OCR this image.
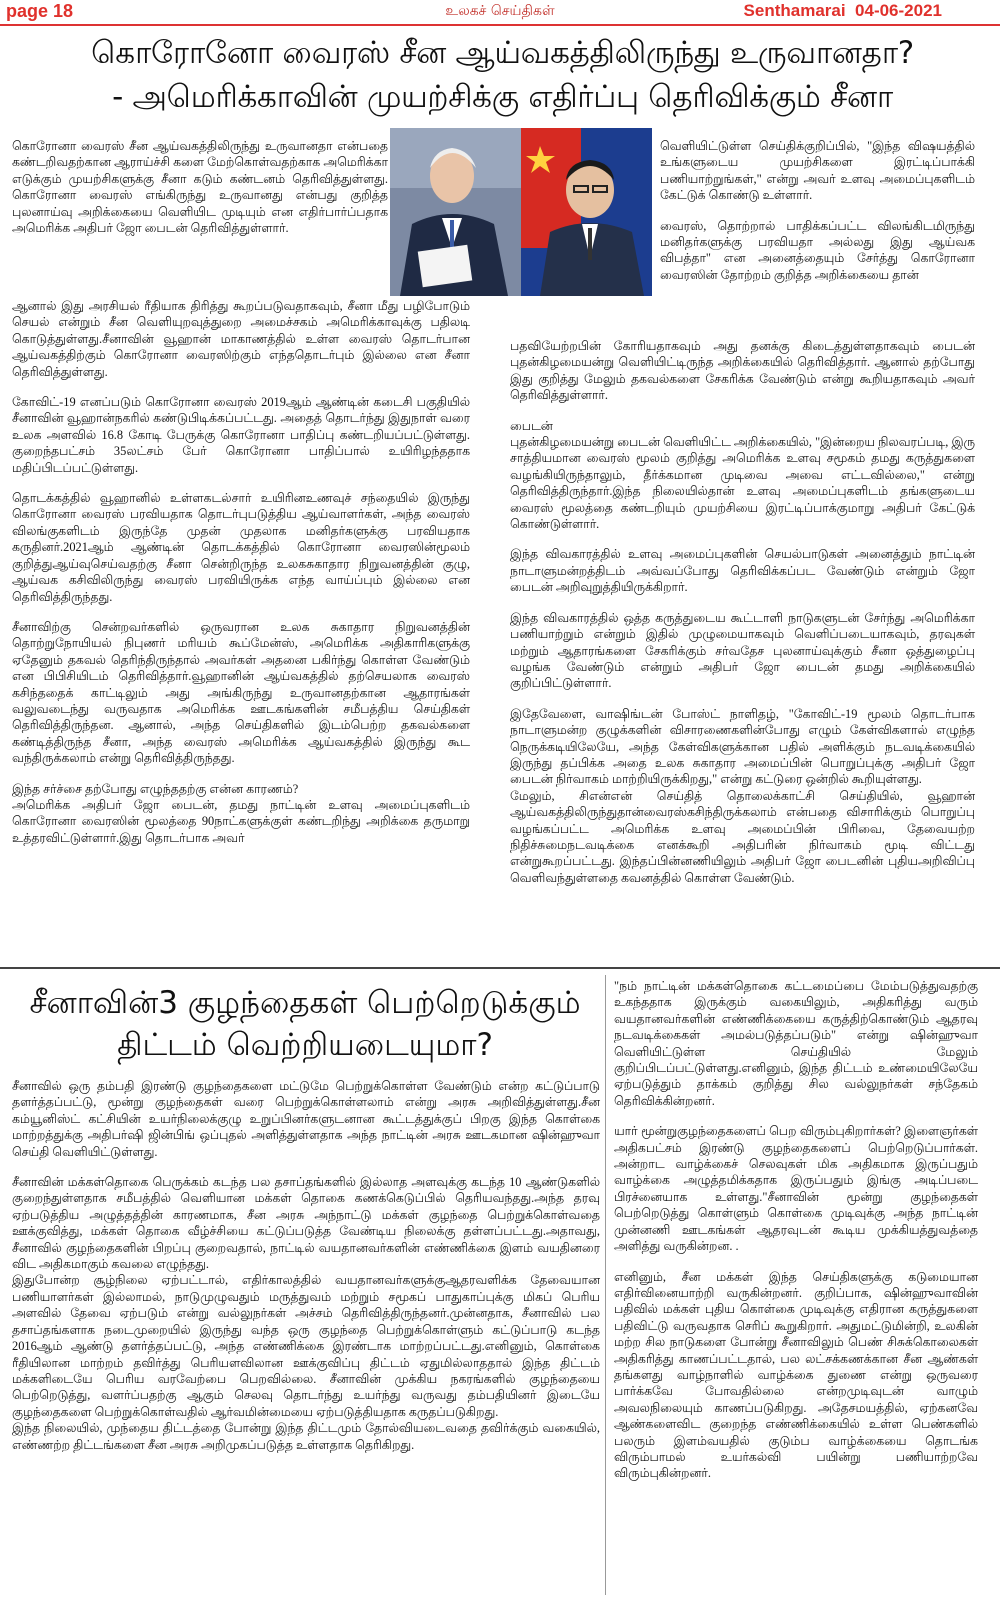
page 18	உலகச் செய்திகள்	Senthamarai 04-06-2021
கொரோனோ வைரஸ் சீன ஆய்வகத்திலிருந்து உருவானதா?
- அமெரிக்காவின் முயற்சிக்கு எதிர்ப்பு தெரிவிக்கும் சீனா

கொரோனா வைரஸ் சீன ஆய்வகத்திலிருந்து உருவானதா என்பதை கண்டறிவதற்கான ஆராய்ச்சி களை மேற்கொள்வதற்காக அமெரிக்கா எடுக்கும் முயற்சிகளுக்கு சீனா கடும் கண்டனம் தெரிவித்துள்ளது. கொரோனா வைரஸ் எங்கிருந்து உருவானது என்பது குறித்த புலனாய்வு அறிக்கையை வெளியிட முடியும் என எதிர்பார்ப்பதாக அமெரிக்க அதிபர் ஜோ பைடன் தெரிவித்துள்ளார்.

ஆனால் இது அரசியல் ரீதியாக திரித்து கூறப்படுவதாகவும், சீனா மீது பழிபோடும் செயல் என்றும் சீன வெளியுறவுத்துறை அமைச்சகம் அமெரிக்காவுக்கு பதிலடி கொடுத்துள்ளது.சீனாவின் வூஹான் மாகாணத்தில் உள்ள வைரஸ் தொடர்பான ஆய்வகத்திற்கும் கொரோனா வைரஸிற்கும் எந்ததொடர்பும் இல்லை என சீனா தெரிவித்துள்ளது.

கோவிட்-19 எனப்படும் கொரோனா வைரஸ் 2019ஆம் ஆண்டின் கடைசி பகுதியில் சீனாவின் வூஹான்நகரில் கண்டுபிடிக்கப்பட்டது. அதைத் தொடர்ந்து இதுநாள் வரை உலக அளவில் 16.8 கோடி பேருக்கு கொரோனா பாதிப்பு கண்டறியப்பட்டுள்ளது. குறைந்தபட்சம் 35லட்சம் பேர் கொரோனா பாதிப்பால் உயிரிழந்ததாக மதிப்பிடப்பட்டுள்ளது.

தொடக்கத்தில் வூஹானில் உள்ளகடல்சார் உயிரினஉணவுச் சந்தையில் இருந்து கொரோனா வைரஸ் பரவியதாக தொடர்புபடுத்திய ஆய்வாளர்கள், அந்த வைரஸ் விலங்குகளிடம் இருந்தே முதன் முதலாக மனிதர்களுக்கு பரவியதாக கருதினர்.2021ஆம் ஆண்டின் தொடக்கத்தில் கொரோனா வைரஸின்மூலம் குறித்துஆய்வுசெய்வதற்கு சீனா சென்றிருந்த உலகசுகாதார நிறுவனத்தின் குழு, ஆய்வக கசிவிலிருந்து வைரஸ் பரவியிருக்க எந்த வாய்ப்பும் இல்லை என தெரிவித்திருந்தது.

சீனாவிற்கு சென்றவர்களில் ஒருவரான உலக சுகாதார நிறுவனத்தின் தொற்றுநோயியல் நிபுணர் மரியம் கூப்மேன்ஸ், அமெரிக்க அதிகாரிகளுக்கு ஏதேனும் தகவல் தெரிந்திருந்தால் அவர்கள் அதனை பகிர்ந்து கொள்ள வேண்டும் என பிபிசியிடம் தெரிவித்தார்.வூஹானின் ஆய்வகத்தில் தற்செயலாக வைரஸ் கசிந்ததைக் காட்டிலும் அது அங்கிருந்து உருவானதற்கான ஆதாரங்கள் வலுவடைந்து வருவதாக அமெரிக்க ஊடகங்களின் சமீபத்திய செய்திகள் தெரிவித்திருந்தன. ஆனால், அந்த செய்திகளில் இடம்பெற்ற தகவல்களை கண்டித்திருந்த சீனா, அந்த வைரஸ் அமெரிக்க ஆய்வகத்தில் இருந்து கூட வந்திருக்கலாம் என்று தெரிவித்திருந்தது.

இந்த சர்ச்சை தற்போது எழுந்ததற்கு என்ன காரணம்?
அமெரிக்க அதிபர் ஜோ பைடன், தமது நாட்டின் உளவு அமைப்புகளிடம் கொரோனா வைரஸின் மூலத்தை 90நாட்களுக்குள் கண்டறிந்து அறிக்கை தருமாறு உத்தரவிட்டுள்ளார்.இது தொடர்பாக அவர்

வெளியிட்டுள்ள செய்திக்குறிப்பில், "இந்த விஷயத்தில் உங்களுடைய முயற்சிகளை இரட்டிப்பாக்கி பணியாற்றுங்கள்," என்று அவர் உளவு அமைப்புகளிடம் கேட்டுக் கொண்டு உள்ளார்.

வைரஸ், தொற்றால் பாதிக்கப்பட்ட விலங்கிடமிருந்து மனிதர்களுக்கு பரவியதா அல்லது இது ஆய்வக விபத்தா" என அனைத்தையும் சேர்த்து கொரோனா வைரஸின் தோற்றம் குறித்த அறிக்கையை தான்

பதவியேற்றபின் கோரியதாகவும் அது தனக்கு கிடைத்துள்ளதாகவும் பைடன் புதன்கிழமையன்று வெளியிட்டிருந்த அறிக்கையில் தெரிவித்தார். ஆனால் தற்போது இது குறித்து மேலும் தகவல்களை சேகரிக்க வேண்டும் என்று கூறியதாகவும் அவர் தெரிவித்துள்ளார்.

பைடன்
புதன்கிழமையன்று பைடன் வெளியிட்ட அறிக்கையில், "இன்றைய நிலவரப்படி, இரு சாத்தியமான வைரஸ் மூலம் குறித்து அமெரிக்க உளவு சமூகம் தமது கருத்துகளை வழங்கியிருந்தாலும், தீர்க்கமான முடிவை அவை எட்டவில்லை," என்று தெரிவித்திருந்தார்.இந்த நிலையில்தான் உளவு அமைப்புகளிடம் தங்களுடைய வைரஸ் மூலத்தை கண்டறியும் முயற்சியை இரட்டிப்பாக்குமாறு அதிபர் கேட்டுக் கொண்டுள்ளார்.

இந்த விவகாரத்தில் உளவு அமைப்புகளின் செயல்பாடுகள் அனைத்தும் நாட்டின் நாடாளுமன்றத்திடம் அவ்வப்போது தெரிவிக்கப்பட வேண்டும் என்றும் ஜோ பைடன் அறிவுறுத்தியிருக்கிறார்.

இந்த விவகாரத்தில் ஒத்த கருத்துடைய கூட்டாளி நாடுகளுடன் சேர்ந்து அமெரிக்கா பணியாற்றும் என்றும் இதில் முழுமையாகவும் வெளிப்படையாகவும், தரவுகள் மற்றும் ஆதாரங்களை சேகரிக்கும் சர்வதேச புலனாய்வுக்கும் சீனா ஒத்துழைப்பு வழங்க வேண்டும் என்றும் அதிபர் ஜோ பைடன் தமது அறிக்கையில் குறிப்பிட்டுள்ளார்.

இதேவேளை, வாஷிங்டன் போஸ்ட் நாளிதழ், "கோவிட்-19 மூலம் தொடர்பாக நாடாளுமன்ற குழுக்களின் விசாரணைகளின்போது எழும் கேள்விகளால் எழுந்த நெருக்கடியிலேயே, அந்த கேள்விகளுக்கான பதில் அளிக்கும் நடவடிக்கையில் இருந்து தப்பிக்க அதை உலக சுகாதார அமைப்பின் பொறுப்புக்கு அதிபர் ஜோ பைடன் நிர்வாகம் மாற்றியிருக்கிறது," என்று கட்டுரை ஒன்றில் கூறியுள்ளது.
மேலும், சிஎன்என் செய்தித் தொலைக்காட்சி செய்தியில், வூஹான் ஆய்வகத்திலிருந்துதான்வைரஸ்கசிந்திருக்கலாம் என்பதை விசாரிக்கும் பொறுப்பு வழங்கப்பட்ட அமெரிக்க உளவு அமைப்பின் பிரிவை, தேவையற்ற நிதிச்சுமைநடவடிக்கை எனக்கூறி அதிபரின் நிர்வாகம் மூடி விட்டது என்றுகூறப்பட்டது. இந்தப்பின்னணியிலும் அதிபர் ஜோ பைடனின் புதியஅறிவிப்பு வெளிவந்துள்ளதை கவனத்தில் கொள்ள வேண்டும்.

சீனாவின்3 குழந்தைகள் பெற்றெடுக்கும்
திட்டம் வெற்றியடையுமா?

சீனாவில் ஒரு தம்பதி இரண்டு குழந்தைகளை மட்டுமே பெற்றுக்கொள்ள வேண்டும் என்ற கட்டுப்பாடு தளர்த்தப்பட்டு, மூன்று குழந்தைகள் வரை பெற்றுக்கொள்ளலாம் என்று அரசு அறிவித்துள்ளது.சீன கம்யூனிஸ்ட் கட்சியின் உயர்நிலைக்குழு உறுப்பினர்களுடனான கூட்டத்துக்குப் பிறகு இந்த கொள்கை மாற்றத்துக்கு அதிபர்ஷி ஜின்பிங் ஒப்புதல் அளித்துள்ளதாக அந்த நாட்டின் அரசு ஊடகமான ஷின்ஹுவா செய்தி வெளியிட்டுள்ளது.

சீனாவின் மக்கள்தொகை பெருக்கம் கடந்த பல தசாப்தங்களில் இல்லாத அளவுக்கு கடந்த 10 ஆண்டுகளில் குறைந்துள்ளதாக சமீபத்தில் வெளியான மக்கள் தொகை கணக்கெடுப்பில் தெரியவந்தது.அந்த தரவு ஏற்படுத்திய அழுத்தத்தின் காரணமாக, சீன அரசு அந்நாட்டு மக்கள் குழந்தை பெற்றுக்கொள்வதை ஊக்குவித்து, மக்கள் தொகை வீழ்ச்சியை கட்டுப்படுத்த வேண்டிய நிலைக்கு தள்ளப்பட்டது.அதாவது, சீனாவில் குழந்தைகளின் பிறப்பு குறைவதால், நாட்டில் வயதானவர்களின் எண்ணிக்கை இளம் வயதினரை விட அதிகமாகும் கவலை எழுந்தது.
இதுபோன்ற சூழ்நிலை ஏற்பட்டால், எதிர்காலத்தில் வயதானவர்களுக்குஆதரவளிக்க தேவையான பணியாளர்கள் இல்லாமல், நாடுமுழுவதும் மருத்துவம் மற்றும் சமூகப் பாதுகாப்புக்கு மிகப் பெரிய அளவில் தேவை ஏற்படும் என்று வல்லுநர்கள் அச்சம் தெரிவித்திருந்தனர்.முன்னதாக, சீனாவில் பல தசாப்தங்களாக நடைமுறையில் இருந்து வந்த ஒரு குழந்தை பெற்றுக்கொள்ளும் கட்டுப்பாடு கடந்த 2016ஆம் ஆண்டு தளர்த்தப்பட்டு, அந்த எண்ணிக்கை இரண்டாக மாற்றப்பட்டது.எனினும், கொள்கை ரீதியிலான மாற்றம் தவிர்த்து பெரியளவிலான ஊக்குவிப்பு திட்டம் ஏதுமில்லாததால் இந்த திட்டம் மக்களிடையே பெரிய வரவேற்பை பெறவில்லை. சீனாவின் முக்கிய நகரங்களில் குழந்தையை பெற்றெடுத்து, வளர்ப்பதற்கு ஆகும் செலவு தொடர்ந்து உயர்ந்து வருவது தம்பதியினர் இடையே குழந்தைகளை பெற்றுக்கொள்வதில் ஆர்வமின்மையை ஏற்படுத்தியதாக கருதப்படுகிறது.
இந்த நிலையில், முந்தைய திட்டத்தை போன்று இந்த திட்டமும் தோல்வியடைவதை தவிர்க்கும் வகையில், எண்ணற்ற திட்டங்களை சீன அரசு அறிமுகப்படுத்த உள்ளதாக தெரிகிறது.

"நம் நாட்டின் மக்கள்தொகை கட்டமைப்பை மேம்படுத்துவதற்கு உகந்ததாக இருக்கும் வகையிலும், அதிகரித்து வரும் வயதானவர்களின் எண்ணிக்கையை கருத்திற்கொண்டும் ஆதரவு நடவடிக்கைகள் அமல்படுத்தப்படும்" என்று ஷின்ஹுவா வெளியிட்டுள்ள செய்தியில் மேலும் குறிப்பிடப்பட்டுள்ளது.எனினும், இந்த திட்டம் உண்மையிலேயே ஏற்படுத்தும் தாக்கம் குறித்து சில வல்லுநர்கள் சந்தேகம் தெரிவிக்கின்றனர்.

யார் மூன்றுகுழந்தைகளைப் பெற விரும்புகிறார்கள்? இளைஞர்கள் அதிகபட்சம் இரண்டு குழந்தைகளைப் பெற்றெடுப்பார்கள். அன்றாட வாழ்க்கைச் செலவுகள் மிக அதிகமாக இருப்பதும் வாழ்க்கை அழுத்தமிக்கதாக இருப்பதும் இங்கு அடிப்படை பிரச்னையாக உள்ளது."சீனாவின் மூன்று குழந்தைகள் பெற்றெடுத்து கொள்ளும் கொள்கை முடிவுக்கு அந்த நாட்டின் முன்னணி ஊடகங்கள் ஆதரவுடன் கூடிய முக்கியத்துவத்தை அளித்து வருகின்றன. .

எனினும், சீன மக்கள் இந்த செய்திகளுக்கு கடுமையான எதிர்வினையாற்றி வருகின்றனர். குறிப்பாக, ஷின்ஹுவாவின் பதிவில் மக்கள் புதிய கொள்கை முடிவுக்கு எதிரான கருத்துகளை பதிவிட்டு வருவதாக செரிப் கூறுகிறார். அதுமட்டுமின்றி, உலகின் மற்ற சில நாடுகளை போன்று சீனாவிலும் பெண் சிசுக்கொலைகள் அதிகரித்து காணப்பட்டதால், பல லட்சக்கணக்கான சீன ஆண்கள் தங்களது வாழ்நாளில் வாழ்க்கை துணை என்று ஒருவரை பார்க்கவே போவதில்லை என்றமுடிவுடன் வாழும் அவலநிலையும் காணப்படுகிறது. அதேசமயத்தில், ஏற்கனவே ஆண்களைவிட குறைந்த எண்ணிக்கையில் உள்ள பெண்களில் பலரும் இளம்வயதில் குடும்ப வாழ்க்கையை தொடங்க விரும்பாமல் உயர்கல்வி பயின்று பணியாற்றவே விரும்புகின்றனர்.
